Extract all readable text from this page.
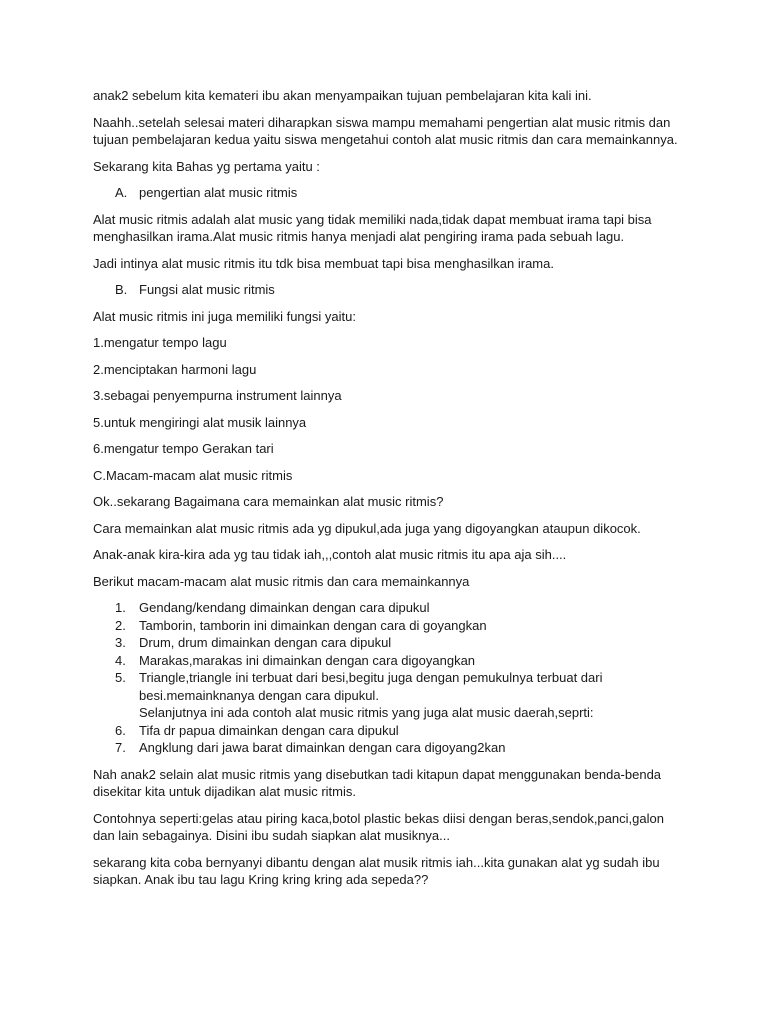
anak2 sebelum kita kemateri ibu akan menyampaikan tujuan pembelajaran kita kali ini.

Naahh..setelah selesai materi diharapkan siswa mampu memahami pengertian alat music ritmis dan tujuan pembelajaran kedua yaitu siswa mengetahui contoh alat music ritmis dan cara memainkannya.

Sekarang kita Bahas yg pertama yaitu :

A. pengertian alat music ritmis

Alat music ritmis adalah alat music yang tidak memiliki nada,tidak dapat membuat irama tapi bisa menghasilkan irama.Alat music ritmis hanya menjadi alat pengiring irama pada sebuah lagu.

Jadi intinya alat music ritmis itu tdk bisa membuat tapi bisa menghasilkan irama.

B. Fungsi alat music ritmis

Alat music ritmis ini juga memiliki fungsi yaitu:

1.mengatur tempo lagu

2.menciptakan harmoni lagu

3.sebagai penyempurna instrument lainnya

5.untuk mengiringi alat musik lainnya

6.mengatur tempo Gerakan tari

C.Macam-macam alat music ritmis

Ok..sekarang Bagaimana cara memainkan alat music ritmis?

Cara memainkan alat music ritmis ada yg dipukul,ada juga yang digoyangkan ataupun dikocok.

Anak-anak kira-kira ada yg tau tidak iah,,,contoh alat music ritmis itu apa aja sih....

Berikut macam-macam alat music ritmis dan cara memainkannya

1.	Gendang/kendang dimainkan dengan cara dipukul
2.	Tamborin, tamborin ini dimainkan dengan cara di goyangkan
3.	Drum, drum dimainkan dengan cara dipukul
4.	Marakas,marakas ini dimainkan dengan cara digoyangkan
5.	Triangle,triangle ini terbuat dari besi,begitu juga dengan pemukulnya terbuat dari besi.memainknanya dengan cara dipukul.
Selanjutnya ini ada contoh alat music ritmis yang juga alat music daerah,seprti:
6.	Tifa dr papua dimainkan dengan cara dipukul
7.	Angklung dari jawa barat dimainkan dengan cara digoyang2kan

Nah anak2 selain alat music ritmis yang disebutkan tadi kitapun dapat menggunakan benda-benda disekitar kita untuk dijadikan alat music ritmis.

Contohnya seperti:gelas atau piring kaca,botol plastic bekas diisi dengan beras,sendok,panci,galon dan lain sebagainya. Disini ibu sudah siapkan alat musiknya...

sekarang kita coba bernyanyi dibantu dengan alat musik ritmis iah...kita gunakan alat yg sudah ibu siapkan. Anak ibu tau lagu Kring kring kring ada sepeda??
